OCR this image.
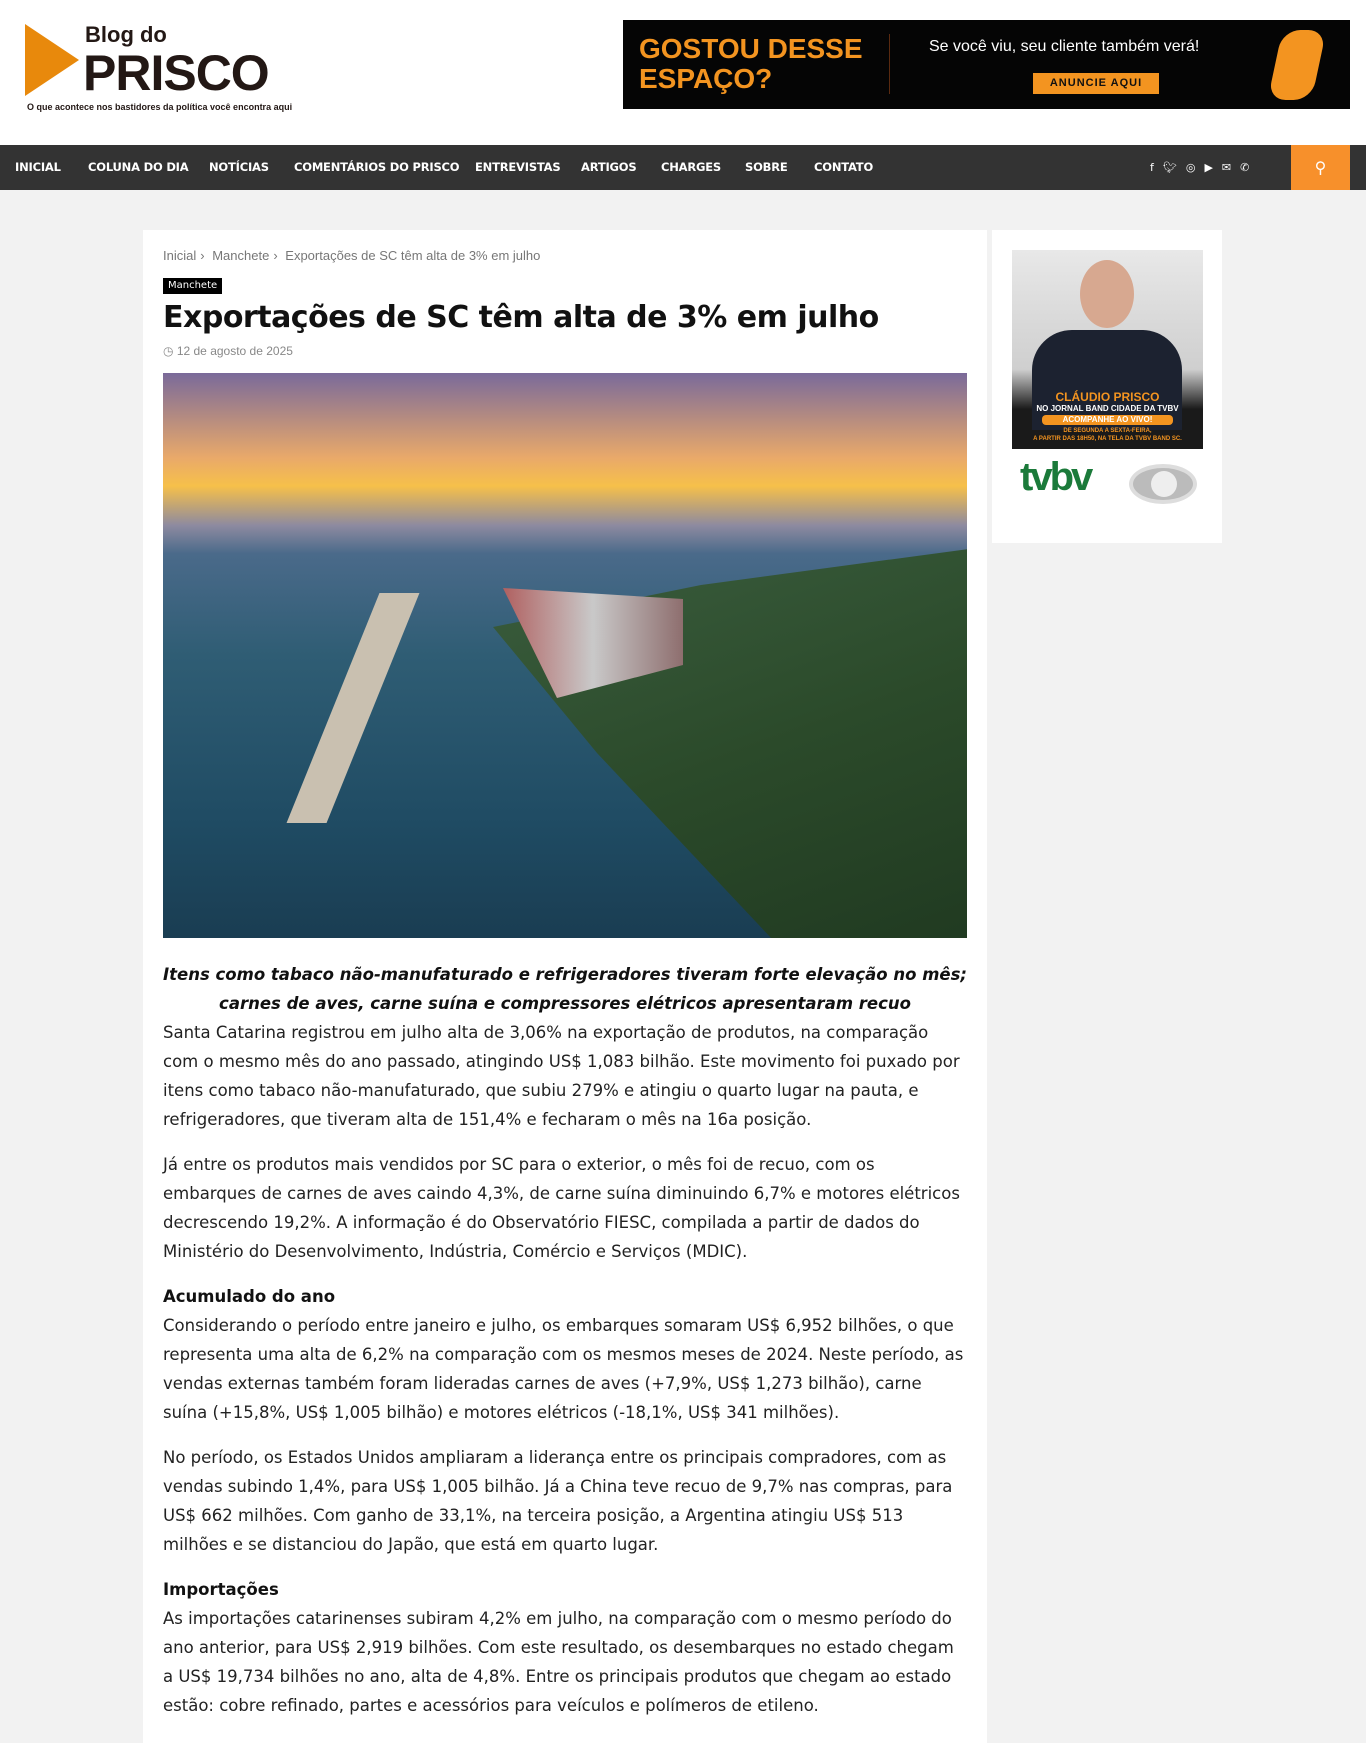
Blog do
PRISCO
O que acontece nos bastidores da política você encontra aqui
GOSTOU DESSE ESPAÇO?
Se você viu, seu cliente também verá!
ANUNCIE AQUI
INICIAL COLUNA DO DIA NOTÍCIAS COMENTÁRIOS DO PRISCO ENTREVISTAS ARTIGOS CHARGES SOBRE CONTATO	f 🐦︎ ◎ ▶ ✉ ✆	⚲
Inicial › Manchete › Exportações de SC têm alta de 3% em julho
Manchete
Exportações de SC têm alta de 3% em julho
◷ 12 de agosto de 2025

Itens como tabaco não-manufaturado e refrigeradores tiveram forte elevação no mês; carnes de aves, carne suína e compressores elétricos apresentaram recuo

Santa Catarina registrou em julho alta de 3,06% na exportação de produtos, na comparação com o mesmo mês do ano passado, atingindo US$ 1,083 bilhão. Este movimento foi puxado por itens como tabaco não-manufaturado, que subiu 279% e atingiu o quarto lugar na pauta, e refrigeradores, que tiveram alta de 151,4% e fecharam o mês na 16a posição.

Já entre os produtos mais vendidos por SC para o exterior, o mês foi de recuo, com os embarques de carnes de aves caindo 4,3%, de carne suína diminuindo 6,7% e motores elétricos decrescendo 19,2%. A informação é do Observatório FIESC, compilada a partir de dados do Ministério do Desenvolvimento, Indústria, Comércio e Serviços (MDIC).

Acumulado do ano

Considerando o período entre janeiro e julho, os embarques somaram US$ 6,952 bilhões, o que representa uma alta de 6,2% na comparação com os mesmos meses de 2024. Neste período, as vendas externas também foram lideradas carnes de aves (+7,9%, US$ 1,273 bilhão), carne suína (+15,8%, US$ 1,005 bilhão) e motores elétricos (-18,1%, US$ 341 milhões).

No período, os Estados Unidos ampliaram a liderança entre os principais compradores, com as vendas subindo 1,4%, para US$ 1,005 bilhão. Já a China teve recuo de 9,7% nas compras, para US$ 662 milhões. Com ganho de 33,1%, na terceira posição, a Argentina atingiu US$ 513 milhões e se distanciou do Japão, que está em quarto lugar.

Importações

As importações catarinenses subiram 4,2% em julho, na comparação com o mesmo período do ano anterior, para US$ 2,919 bilhões. Com este resultado, os desembarques no estado chegam a US$ 19,734 bilhões no ano, alta de 4,8%. Entre os principais produtos que chegam ao estado estão: cobre refinado, partes e acessórios para veículos e polímeros de etileno.

CLÁUDIO PRISCO
NO JORNAL BAND CIDADE DA TVBV
ACOMPANHE AO VIVO!
DE SEGUNDA A SEXTA-FEIRA,
A PARTIR DAS 18H50, NA TELA DA TVBV BAND SC.
tvbv
